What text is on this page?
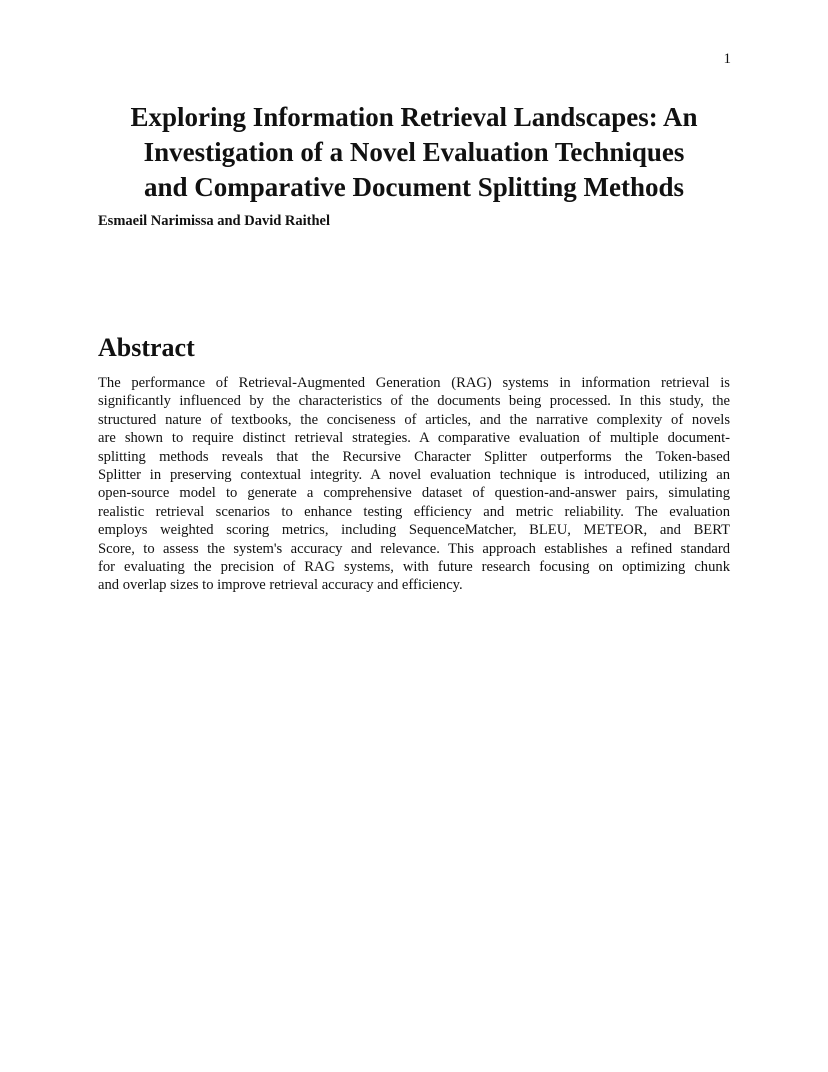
1
Exploring Information Retrieval Landscapes: An
Investigation of a Novel Evaluation Techniques
and Comparative Document Splitting Methods
Esmaeil Narimissa and David Raithel
Abstract

The performance of Retrieval-Augmented Generation (RAG) systems in information retrieval is
significantly influenced by the characteristics of the documents being processed. In this study, the
structured nature of textbooks, the conciseness of articles, and the narrative complexity of novels
are shown to require distinct retrieval strategies. A comparative evaluation of multiple document-
splitting methods reveals that the Recursive Character Splitter outperforms the Token-based
Splitter in preserving contextual integrity. A novel evaluation technique is introduced, utilizing an
open-source model to generate a comprehensive dataset of question-and-answer pairs, simulating
realistic retrieval scenarios to enhance testing efficiency and metric reliability. The evaluation
employs weighted scoring metrics, including SequenceMatcher, BLEU, METEOR, and BERT
Score, to assess the system's accuracy and relevance. This approach establishes a refined standard
for evaluating the precision of RAG systems, with future research focusing on optimizing chunk
and overlap sizes to improve retrieval accuracy and efficiency.
